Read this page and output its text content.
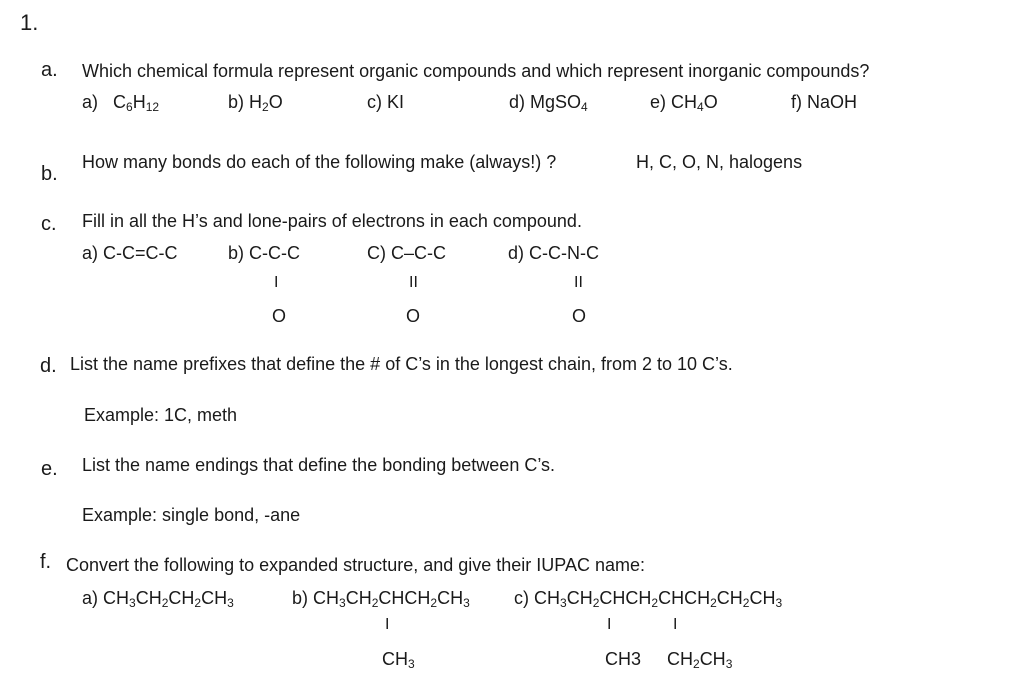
1.
a. Which chemical formula represent organic compounds and which represent inorganic compounds?
a) $C_6H_{12}$	b) $H_2O$	c) KI	d) MgSO$_4$	e) $CH_4O$	f) NaOH
b.
How many bonds do each of the following make (always!) ?	H, C, O, N, halogens
c. Fill in all the H’s and lone-pairs of electrons in each compound.
a) C-C=C-C	b) C-C-C	C) C–C-C	d) C-C-N-C
I	II	II
O	O	O
d. List the name prefixes that define the # of C’s in the longest chain, from 2 to 10 C’s.
Example: 1C, meth
e. List the name endings that define the bonding between C’s.
Example: single bond, -ane
f. Convert the following to expanded structure, and give their IUPAC name:
a) $CH_3CH_2CH_2CH_3$	b) $CH_3CH_2CHCH_2CH_3$
I
$CH_3$
c) $CH_3CH_2CHCH_2CHCH_2CH_2CH_3$
I	I
CH3 $CH_2CH_3$
